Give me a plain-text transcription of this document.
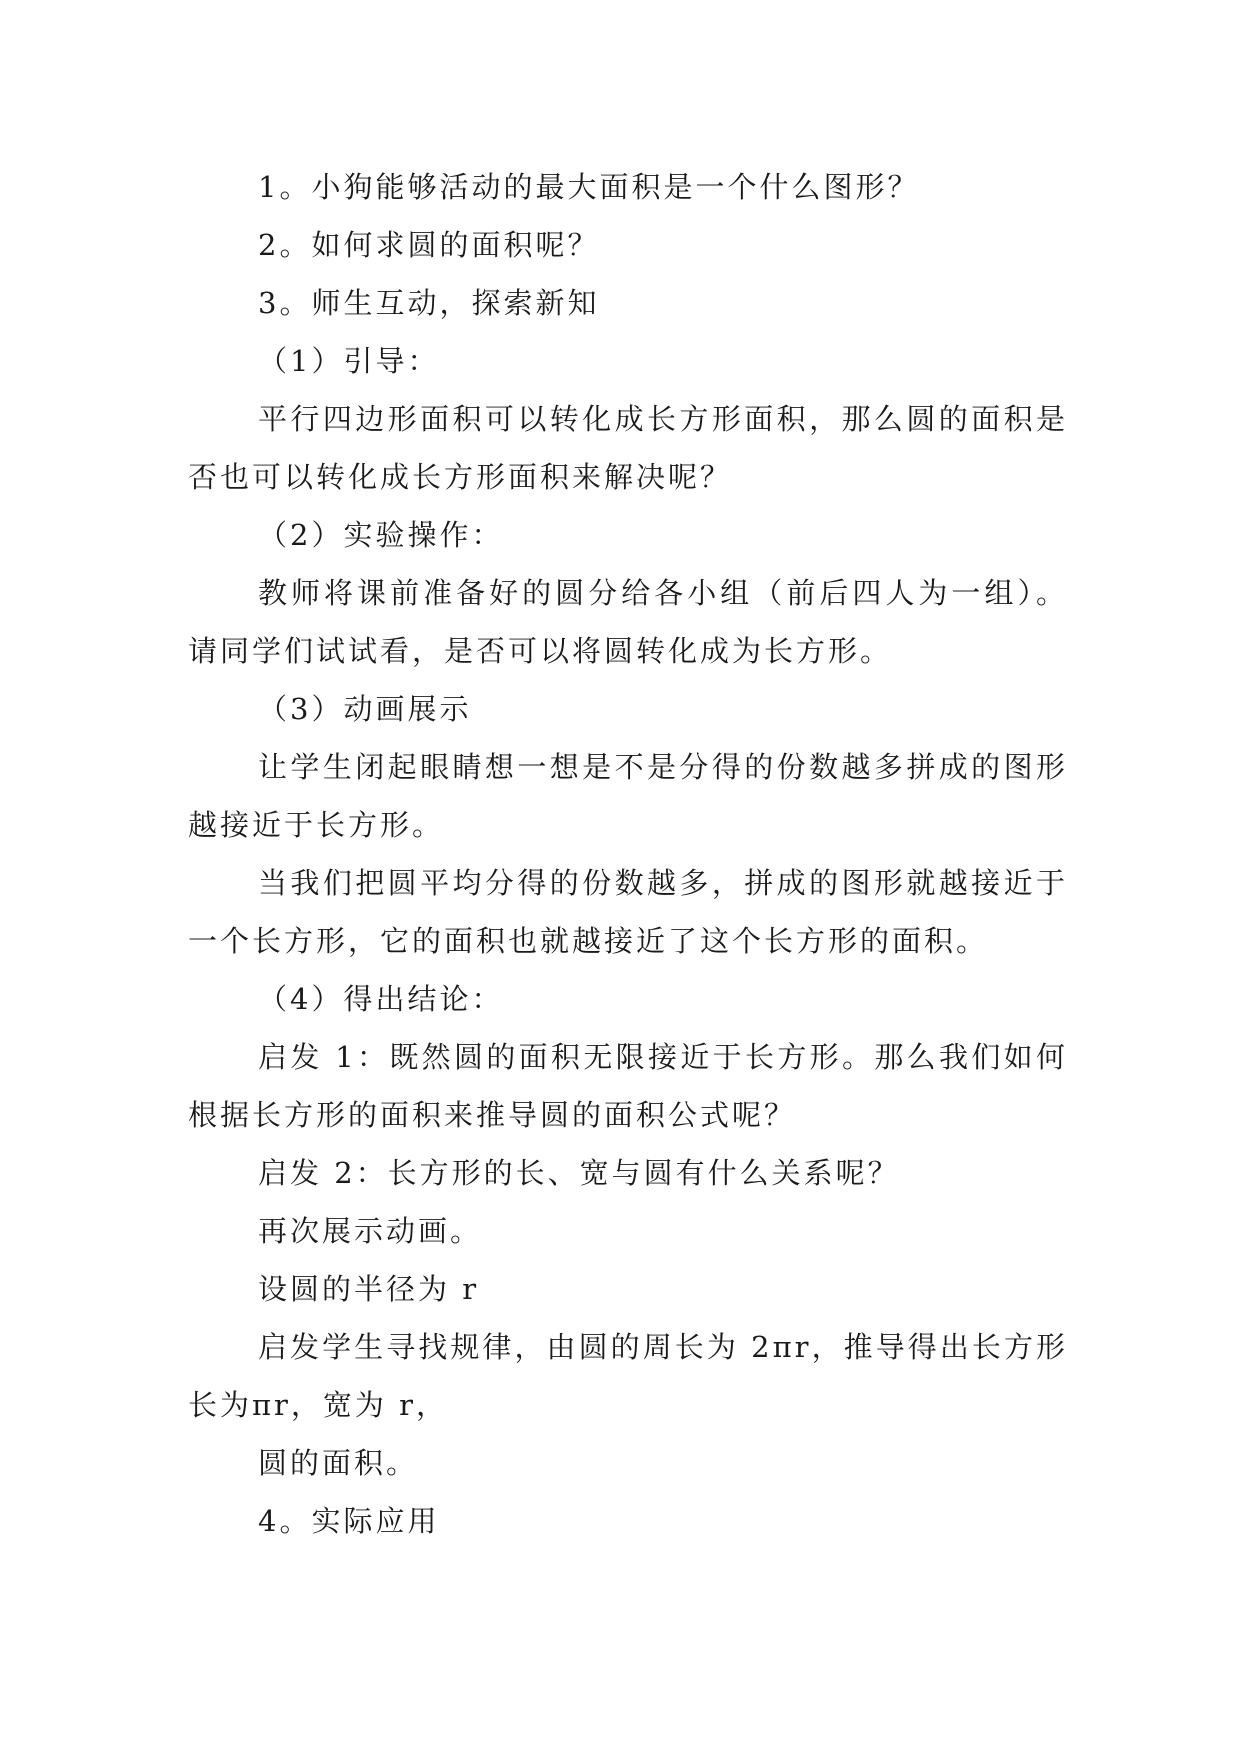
1。小狗能够活动的最大面积是一个什么图形？

2。如何求圆的面积呢？

3。师生互动，探索新知

（1）引导：

平行四边形面积可以转化成长方形面积，那么圆的面积是否也可以转化成长方形面积来解决呢？

（2）实验操作：

教师将课前准备好的圆分给各小组（前后四人为一组）。请同学们试试看，是否可以将圆转化成为长方形。

（3）动画展示

让学生闭起眼睛想一想是不是分得的份数越多拼成的图形越接近于长方形。

当我们把圆平均分得的份数越多，拼成的图形就越接近于一个长方形，它的面积也就越接近了这个长方形的面积。

（4）得出结论：

启发 1：既然圆的面积无限接近于长方形。那么我们如何根据长方形的面积来推导圆的面积公式呢？

启发 2：长方形的长、宽与圆有什么关系呢？

再次展示动画。

设圆的半径为 r

启发学生寻找规律，由圆的周长为 2πr，推导得出长方形长为πr，宽为 r，

圆的面积。

4。实际应用
